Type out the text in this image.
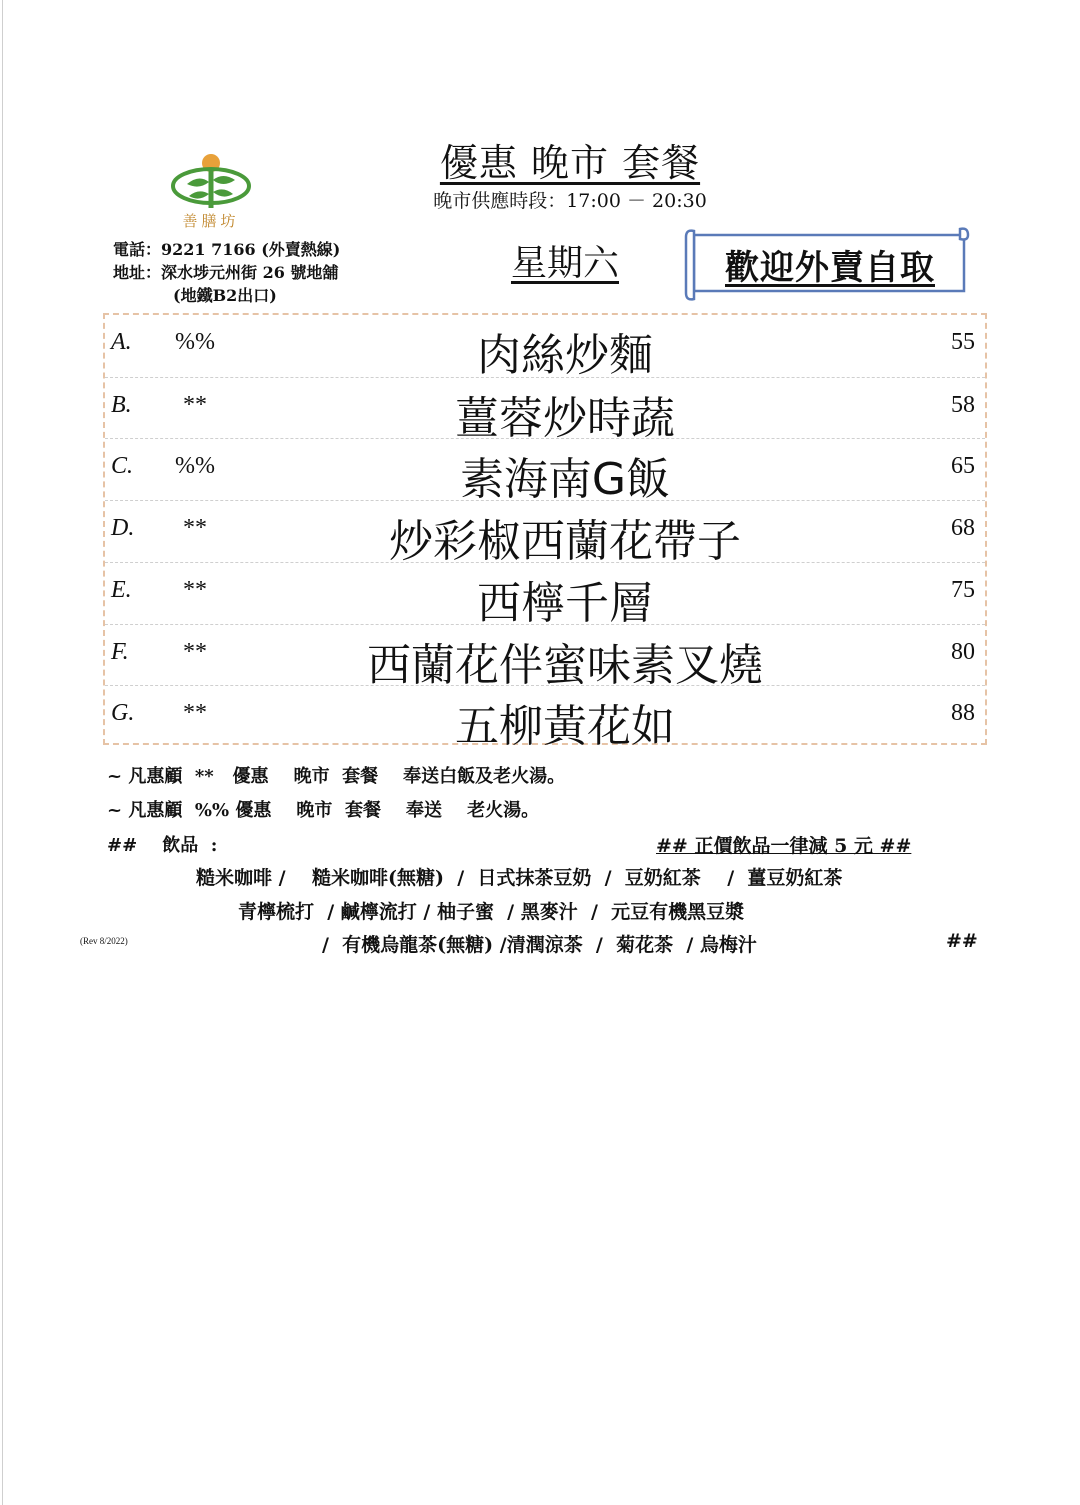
善膳坊
電話：9221 7166 (外賣熱線)
地址：深水埗元州街 26 號地舖
(地鐵B2出口)
優惠 晚市 套餐
晚市供應時段：17:00 － 20:30
星期六	歡迎外賣自取
A.	%%	肉絲炒麵	55
B.	**	薑蓉炒時蔬	58
C.	%%	素海南G飯	65
D.	**	炒彩椒西蘭花帶子	68
E.	**	西檸千層	75
F.	**	西蘭花伴蜜味素叉燒	80
G.	**	五柳黃花如	88
~ 凡惠顧  **   優惠    晚市  套餐    奉送白飯及老火湯。
~ 凡惠顧  %% 優惠    晚市  套餐    奉送    老火湯。
##    飲品  :	## 正價飲品一律減 5 元 ##
糙米咖啡 /    糙米咖啡(無糖)  /  日式抹茶豆奶  /  豆奶紅茶    /  薑豆奶紅茶
青檸梳打  / 鹹檸流打 / 柚子蜜  / 黑麥汁  /  元豆有機黑豆漿
/  有機烏龍茶(無糖) /清潤涼茶  /  菊花茶  / 烏梅汁	##
(Rev 8/2022)
